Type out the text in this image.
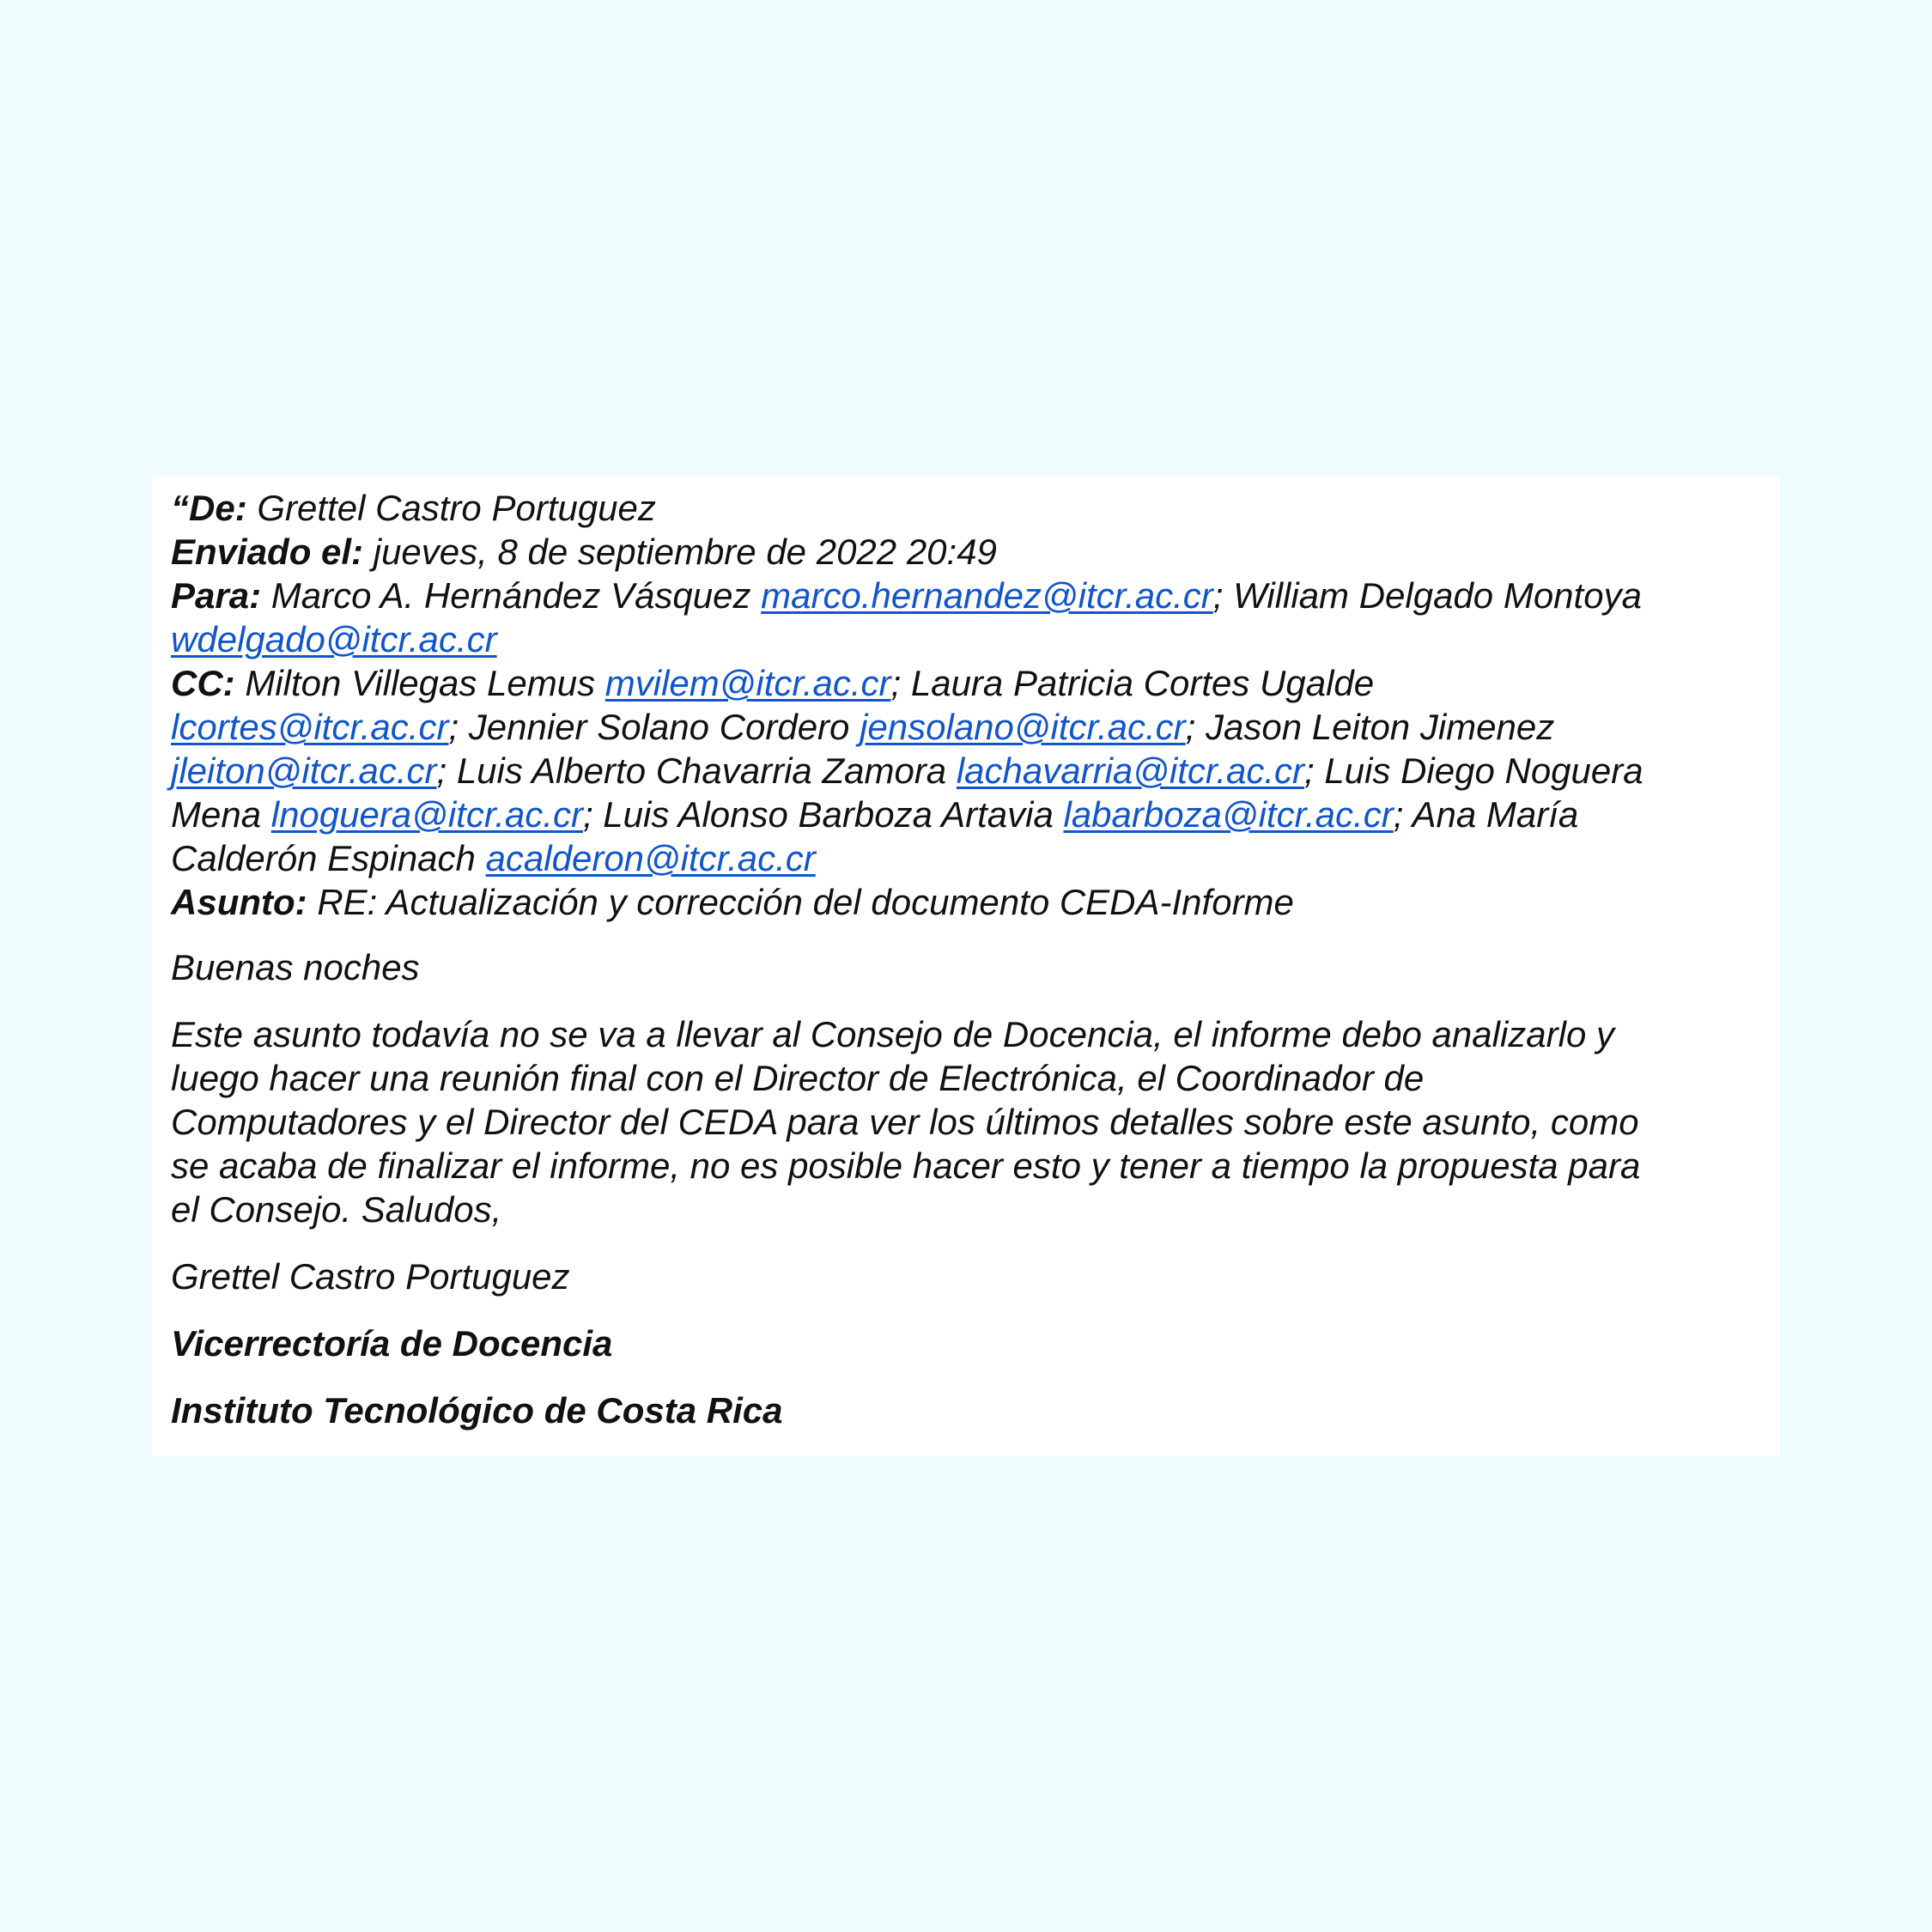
“De: Grettel Castro Portuguez
Enviado el: jueves, 8 de septiembre de 2022 20:49
Para: Marco A. Hernández Vásquez marco.hernandez@itcr.ac.cr; William Delgado Montoya
wdelgado@itcr.ac.cr
CC: Milton Villegas Lemus mvilem@itcr.ac.cr; Laura Patricia Cortes Ugalde
lcortes@itcr.ac.cr; Jennier Solano Cordero jensolano@itcr.ac.cr; Jason Leiton Jimenez
jleiton@itcr.ac.cr; Luis Alberto Chavarria Zamora lachavarria@itcr.ac.cr; Luis Diego Noguera
Mena lnoguera@itcr.ac.cr; Luis Alonso Barboza Artavia labarboza@itcr.ac.cr; Ana María
Calderón Espinach acalderon@itcr.ac.cr
Asunto: RE: Actualización y corrección del documento CEDA-Informe
Buenas noches
Este asunto todavía no se va a llevar al Consejo de Docencia, el informe debo analizarlo y
luego hacer una reunión final con el Director de Electrónica, el Coordinador de
Computadores y el Director del CEDA para ver los últimos detalles sobre este asunto, como
se acaba de finalizar el informe, no es posible hacer esto y tener a tiempo la propuesta para
el Consejo. Saludos,
Grettel Castro Portuguez
Vicerrectoría de Docencia
Instituto Tecnológico de Costa Rica
